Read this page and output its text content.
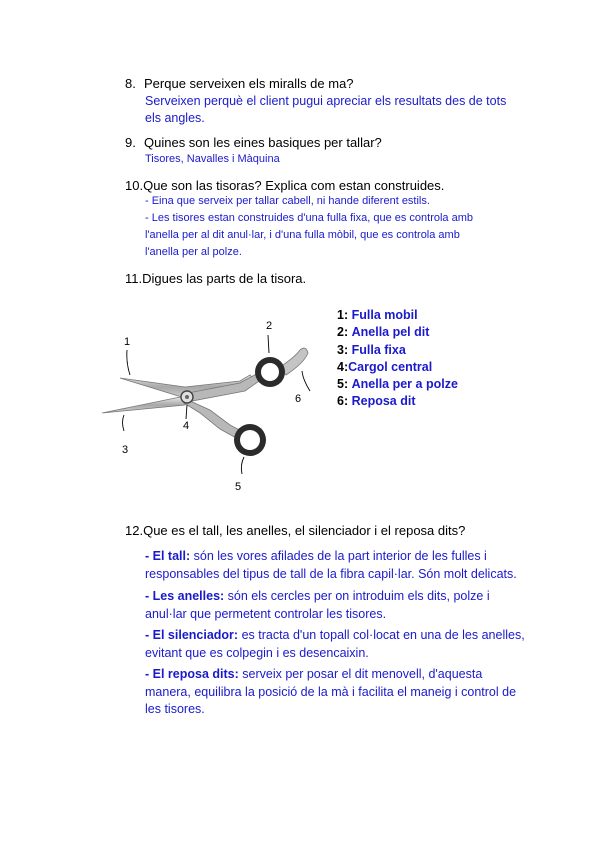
8. Perque serveixen els miralls de ma?
Serveixen perquè el client pugui apreciar els resultats des de tots
els angles.
9. Quines son les eines basiques per tallar?
Tisores, Navalles i Màquina
10.Que son las tisoras? Explica com estan construides.
- Eina que serveix per tallar cabell, ni hande diferent estils.
- Les tisores estan construides d'una fulla fixa, que es controla amb
l'anella per al dit anul·lar, i d'una fulla mòbil, que es controla amb
l'anella per al polze.
11.Digues las parts de la tisora.
1
2
3
4
5
6
1: Fulla mobil
2: Anella pel dit
3: Fulla fixa
4:Cargol central
5: Anella per a polze
6: Reposa dit
12.Que es el tall, les anelles, el silenciador i el reposa dits?
- El tall: són les vores afilades de la part interior de les fulles i responsables del tipus de tall de la fibra capil·lar. Són molt delicats.
- Les anelles: són els cercles per on introduim els dits, polze i anul·lar que permetent controlar les tisores.
- El silenciador: es tracta d'un topall col·locat en una de les anelles, evitant que es colpegin i es desencaixin.
- El reposa dits: serveix per posar el dit menovell, d'aquesta manera, equilibra la posició de la mà i facilita el maneig i control de les tisores.
